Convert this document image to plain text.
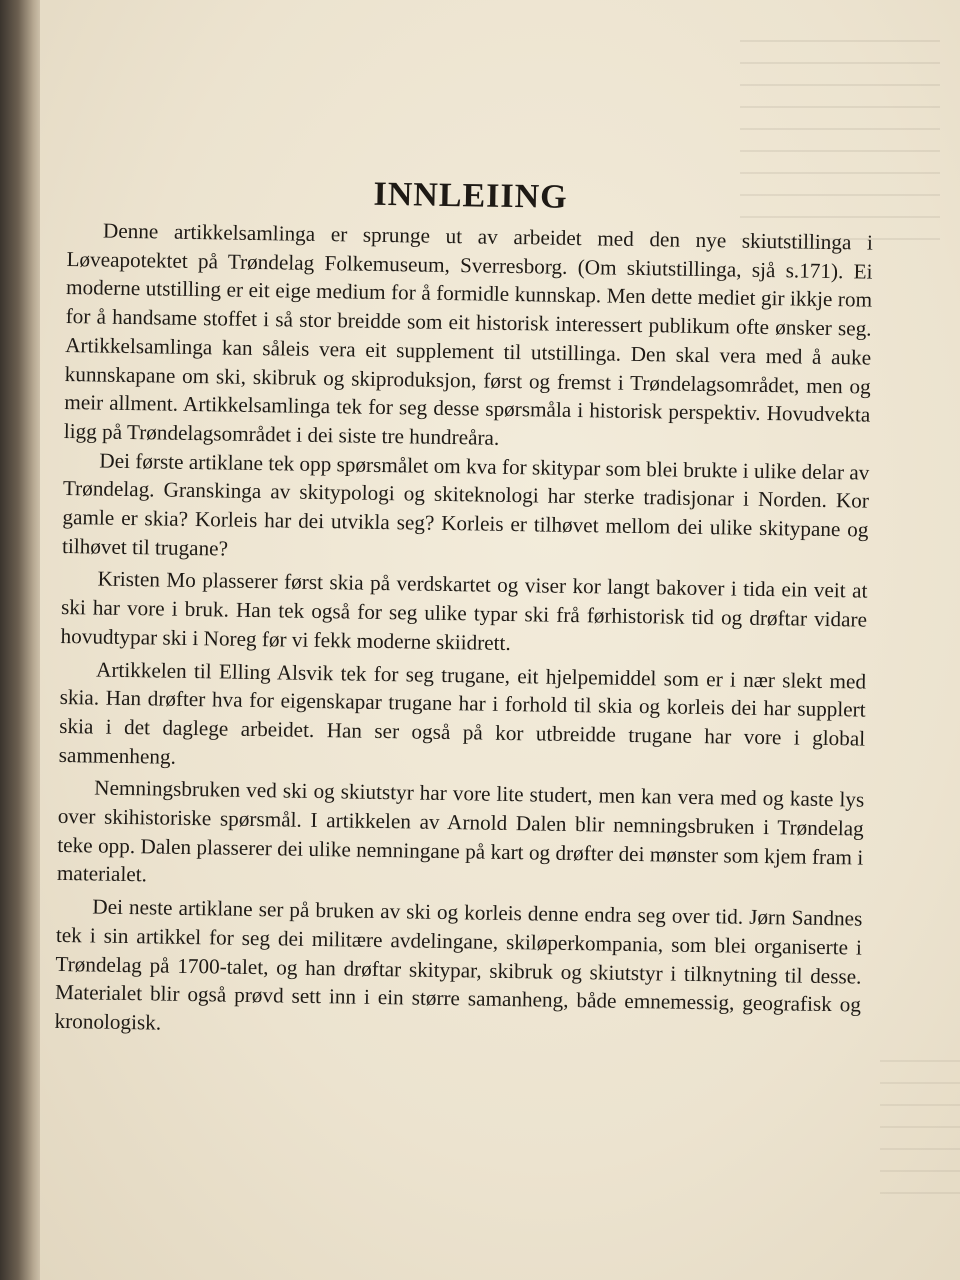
INNLEIING

Denne artikkelsamlinga er sprunge ut av arbeidet med den nye skiutstillinga i Løveapotektet på Trøndelag Folkemuseum, Sverresborg. (Om skiutstillinga, sjå s.171). Ei moderne utstilling er eit eige medium for å formidle kunnskap. Men dette mediet gir ikkje rom for å handsame stoffet i så stor breidde som eit historisk interessert publikum ofte ønsker seg. Artikkelsamlinga kan såleis vera eit supplement til utstillinga. Den skal vera med å auke kunnskapane om ski, skibruk og skiproduksjon, først og fremst i Trøndelagsområdet, men og meir allment. Artikkelsamlinga tek for seg desse spørsmåla i historisk perspektiv. Hovudvekta ligg på Trøndelagsområdet i dei siste tre hundreåra.

Dei første artiklane tek opp spørsmålet om kva for skitypar som blei brukte i ulike delar av Trøndelag. Granskinga av skitypologi og skiteknologi har sterke tradisjonar i Norden. Kor gamle er skia? Korleis har dei utvikla seg? Korleis er tilhøvet mellom dei ulike skitypane og tilhøvet til trugane?

Kristen Mo plasserer først skia på verdskartet og viser kor langt bakover i tida ein veit at ski har vore i bruk. Han tek også for seg ulike typar ski frå førhistorisk tid og drøftar vidare hovudtypar ski i Noreg før vi fekk moderne skiidrett.

Artikkelen til Elling Alsvik tek for seg trugane, eit hjelpemiddel som er i nær slekt med skia. Han drøfter hva for eigenskapar trugane har i forhold til skia og korleis dei har supplert skia i det daglege arbeidet. Han ser også på kor utbreidde trugane har vore i global sammenheng.

Nemningsbruken ved ski og skiutstyr har vore lite studert, men kan vera med og kaste lys over skihistoriske spørsmål. I artikkelen av Arnold Dalen blir nemningsbruken i Trøndelag teke opp. Dalen plasserer dei ulike nemningane på kart og drøfter dei mønster som kjem fram i materialet.

Dei neste artiklane ser på bruken av ski og korleis denne endra seg over tid. Jørn Sandnes tek i sin artikkel for seg dei militære avdelingane, skiløperkompania, som blei organiserte i Trøndelag på 1700-talet, og han drøftar skitypar, skibruk og skiutstyr i tilknytning til desse. Materialet blir også prøvd sett inn i ein større samanheng, både emnemessig, geografisk og kronologisk.
